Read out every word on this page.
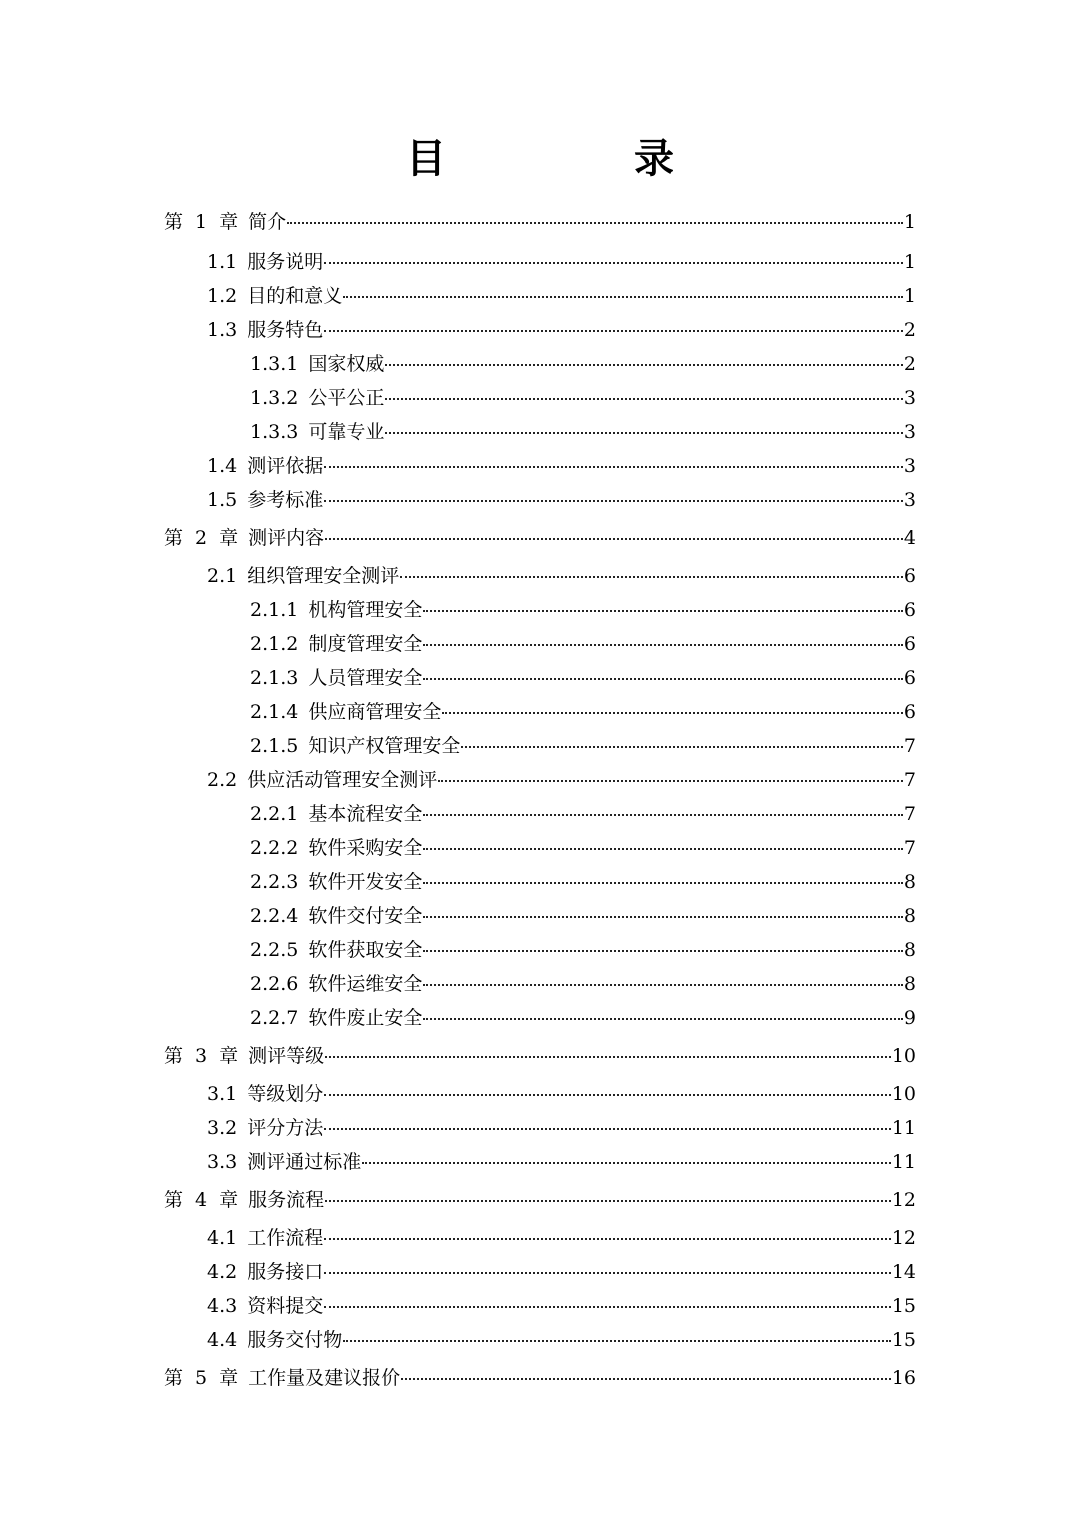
目　录
第 1 章 简介	1
1.1 服务说明	1
1.2 目的和意义	1
1.3 服务特色	2
1.3.1 国家权威	2
1.3.2 公平公正	3
1.3.3 可靠专业	3
1.4 测评依据	3
1.5 参考标准	3
第 2 章 测评内容	4
2.1 组织管理安全测评	6
2.1.1 机构管理安全	6
2.1.2 制度管理安全	6
2.1.3 人员管理安全	6
2.1.4 供应商管理安全	6
2.1.5 知识产权管理安全	7
2.2 供应活动管理安全测评	7
2.2.1 基本流程安全	7
2.2.2 软件采购安全	7
2.2.3 软件开发安全	8
2.2.4 软件交付安全	8
2.2.5 软件获取安全	8
2.2.6 软件运维安全	8
2.2.7 软件废止安全	9
第 3 章 测评等级	10
3.1 等级划分	10
3.2 评分方法	11
3.3 测评通过标准	11
第 4 章 服务流程	12
4.1 工作流程	12
4.2 服务接口	14
4.3 资料提交	15
4.4 服务交付物	15
第 5 章 工作量及建议报价	16
